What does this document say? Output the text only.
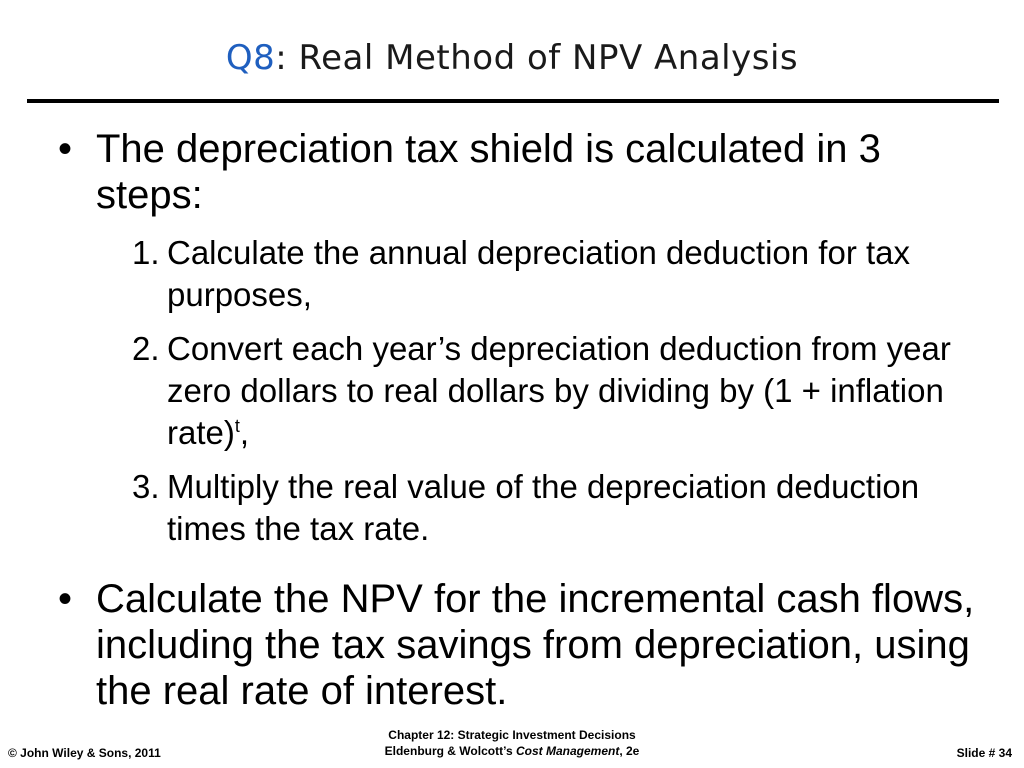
Q8: Real Method of NPV Analysis
• The depreciation tax shield is calculated in 3 steps:
1. Calculate the annual depreciation deduction for tax purposes,
2. Convert each year’s depreciation deduction from year zero dollars to real dollars by dividing by (1 + inflation rate)$^t$,
3. Multiply the real value of the depreciation deduction times the tax rate.
• Calculate the NPV for the incremental cash flows, including the tax savings from depreciation, using the real rate of interest.
© John Wiley & Sons, 2011
Chapter 12: Strategic Investment Decisions
Eldenburg & Wolcott’s Cost Management, 2e	Slide # 34
